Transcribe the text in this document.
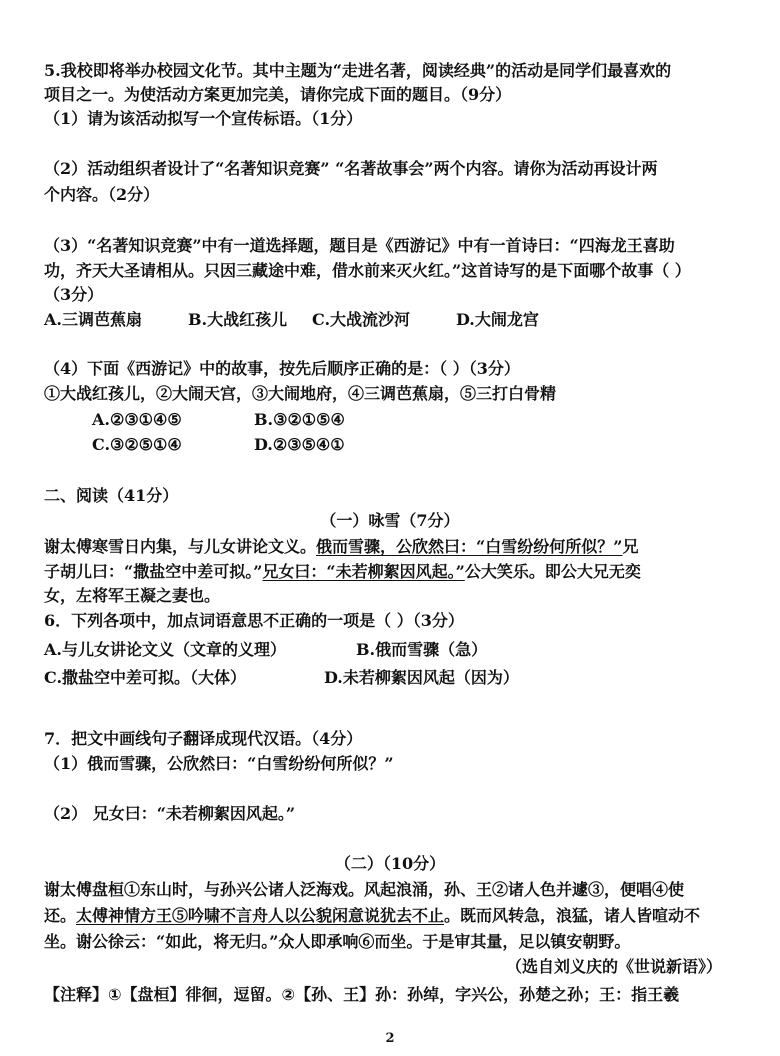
5.我校即将举办校园文化节。其中主题为“走进名著，阅读经典”的活动是同学们最喜欢的
项目之一。为使活动方案更加完美，请你完成下面的题目。（9分）
（1）请为该活动拟写一个宣传标语。（1分）
（2）活动组织者设计了“名著知识竞赛” “名著故事会”两个内容。请你为活动再设计两
个内容。（2分）
（3）“名著知识竞赛”中有一道选择题，题目是《西游记》中有一首诗曰：“四海龙王喜助
功，齐天大圣请相从。只因三藏途中难，借水前来灭火红。”这首诗写的是下面哪个故事（ ）
（3分）
A.三调芭蕉扇	B.大战红孩儿 C.大战流沙河	D.大闹龙宫
（4）下面《西游记》中的故事，按先后顺序正确的是：（ ）（3分）
①大战红孩儿，②大闹天宫，③大闹地府，④三调芭蕉扇，⑤三打白骨精
A.②③①④⑤	B.③②①⑤④
C.③②⑤①④	D.②③⑤④①
二、阅读（41分）
（一）咏雪（7分）
谢太傅寒雪日内集，与儿女讲论文义。俄而雪骤，公欣然曰：“白雪纷纷何所似？”兄
子胡儿曰：“撒盐空中差可拟。”兄女曰：“未若柳絮因风起。”公大笑乐。即公大兄无奕
女，左将军王凝之妻也。
6．下列各项中，加点词语意思不正确的一项是（ ）（3分）
A.与儿女讲论文义（文章的义理）	B.俄而雪骤（急）
C.撒盐空中差可拟。（大体）	D.未若柳絮因风起（因为）
7．把文中画线句子翻译成现代汉语。（4分）
（1）俄而雪骤，公欣然曰：“白雪纷纷何所似？”
（2） 兄女曰：“未若柳絮因风起。”
（二）（10分）
谢太傅盘桓①东山时，与孙兴公诸人泛海戏。风起浪涌，孙、王②诸人色并遽③，便唱④使
还。太傅神情方王⑤吟啸不言舟人以公貌闲意说犹去不止。既而风转急，浪猛，诸人皆喧动不
坐。谢公徐云：“如此，将无归。”众人即承响⑥而坐。于是审其量，足以镇安朝野。
（选自刘义庆的《世说新语》）
【注释】①【盘桓】徘徊，逗留。②【孙、王】孙：孙绰，字兴公，孙楚之孙；王：指王羲
2
